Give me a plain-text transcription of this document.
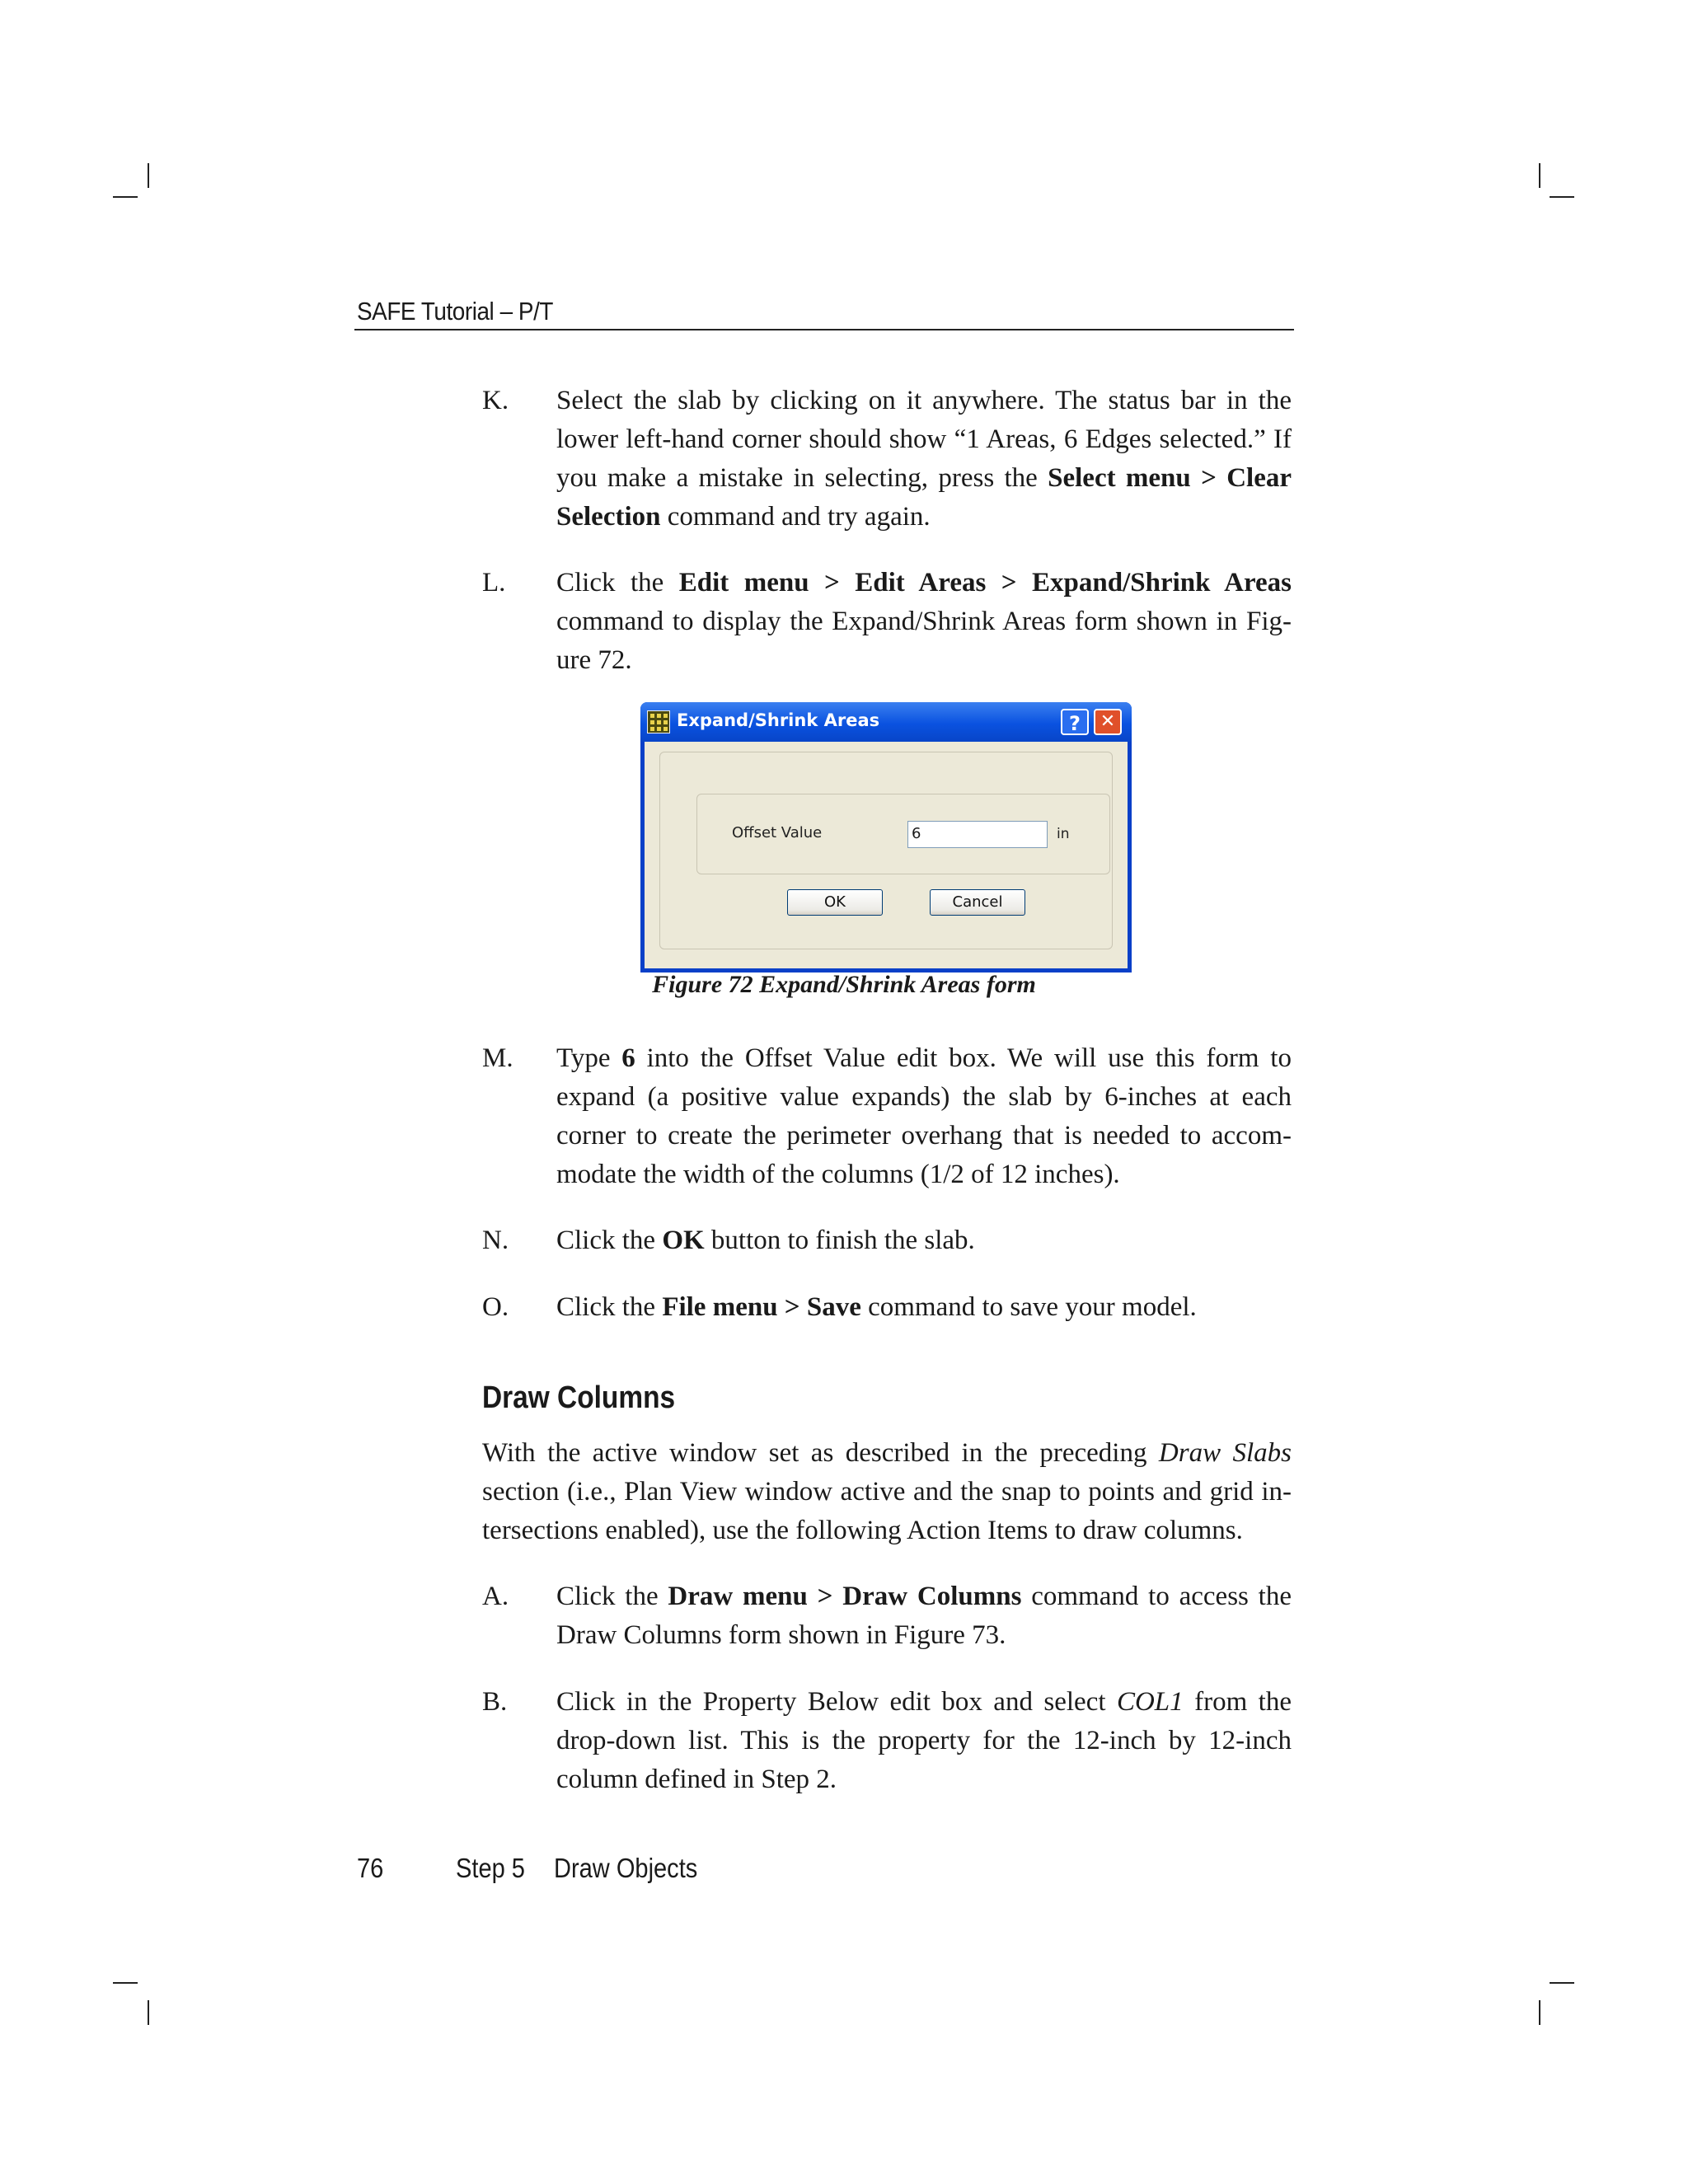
SAFE Tutorial – P/T
K. Select the slab by clicking on it anywhere. The status bar in the lower left-hand corner should show “1 Areas, 6 Edges selected.” If you make a mistake in selecting, press the Select menu > Clear Selection command and try again.
L. Click the Edit menu > Edit Areas > Expand/Shrink Areas command to display the Expand/Shrink Areas form shown in Fig-ure 72.
Expand/Shrink Areas	?	✕
Offset Value	6	in
OK	Cancel
Figure 72 Expand/Shrink Areas form
M. Type 6 into the Offset Value edit box. We will use this form to expand (a positive value expands) the slab by 6-inches at each corner to create the perimeter overhang that is needed to accom-modate the width of the columns (1/2 of 12 inches).
N. Click the OK button to finish the slab.
O. Click the File menu > Save command to save your model.
Draw Columns
With the active window set as described in the preceding Draw Slabs section (i.e., Plan View window active and the snap to points and grid in-tersections enabled), use the following Action Items to draw columns.
A. Click the Draw menu > Draw Columns command to access the Draw Columns form shown in Figure 73.
B. Click in the Property Below edit box and select COL1 from the drop-down list. This is the property for the 12-inch by 12-inch column defined in Step 2.
76	Step 5 Draw Objects
